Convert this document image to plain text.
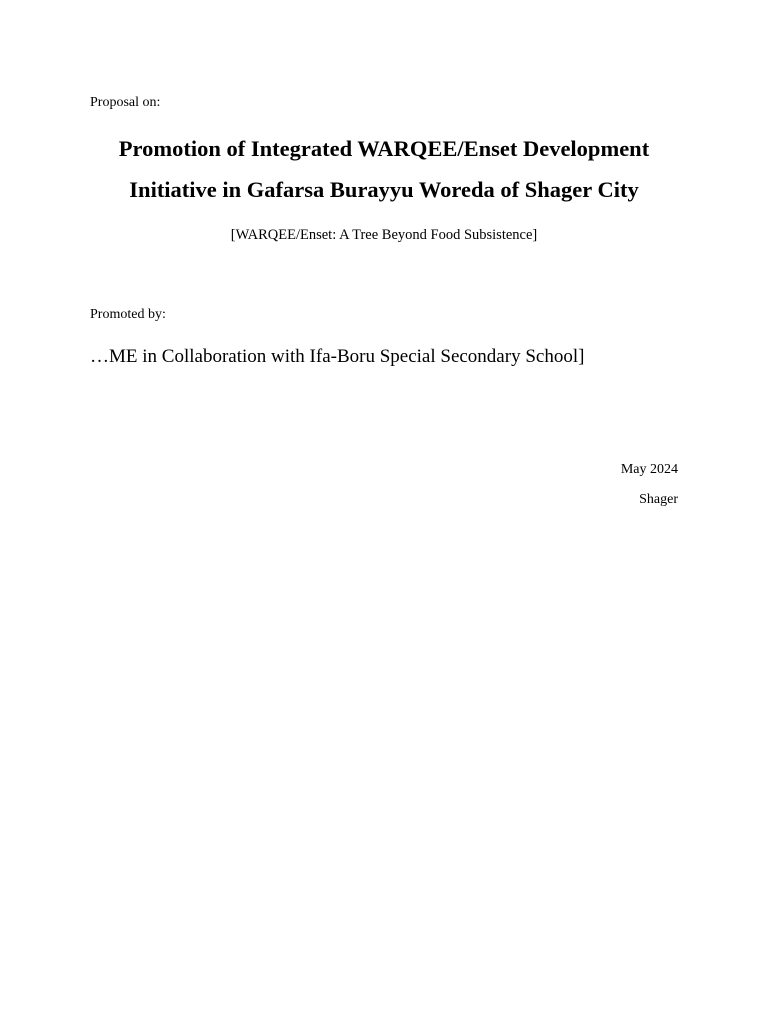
Proposal on:
Promotion of Integrated WARQEE/Enset Development
Initiative in Gafarsa Burayyu Woreda of Shager City
[WARQEE/Enset: A Tree Beyond Food Subsistence]
Promoted by:
…ME in Collaboration with Ifa-Boru Special Secondary School]
May 2024
Shager
